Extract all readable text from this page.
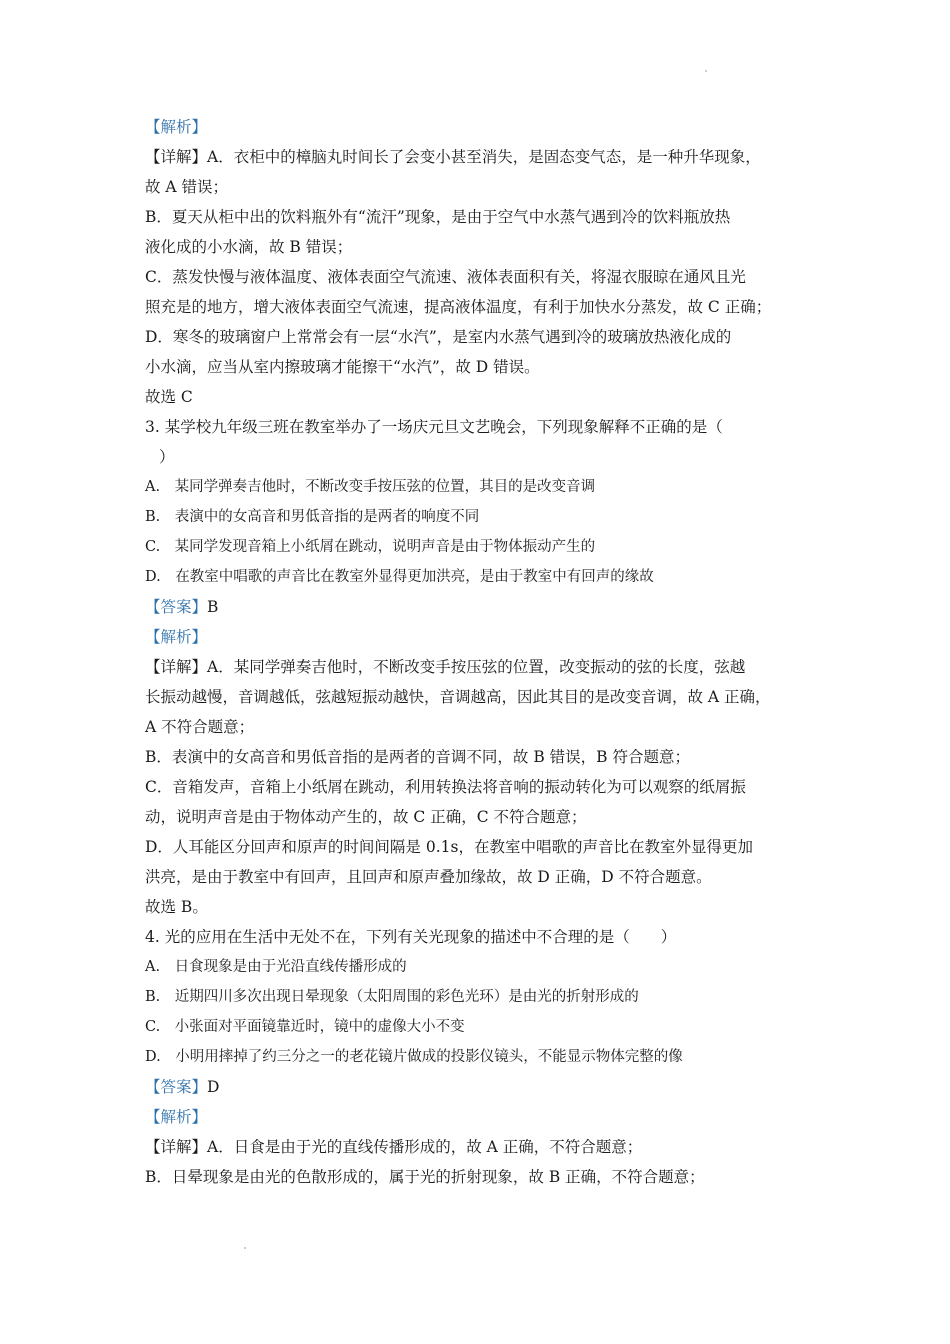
【解析】
【详解】A．衣柜中的樟脑丸时间长了会变小甚至消失，是固态变气态，是一种升华现象，
故 A 错误；
B．夏天从柜中出的饮料瓶外有“流汗”现象，是由于空气中水蒸气遇到冷的饮料瓶放热
液化成的小水滴，故 B 错误；
C．蒸发快慢与液体温度、液体表面空气流速、液体表面积有关，将湿衣服晾在通风且光
照充是的地方，增大液体表面空气流速，提高液体温度，有利于加快水分蒸发，故 C 正确；
D．寒冬的玻璃窗户上常常会有一层“水汽”，是室内水蒸气遇到冷的玻璃放热液化成的
小水滴，应当从室内擦玻璃才能擦干“水汽”，故 D 错误。
故选 C
3. 某学校九年级三班在教室举办了一场庆元旦文艺晚会，下列现象解释不正确的是（
）
A.　某同学弹奏吉他时，不断改变手按压弦的位置，其目的是改变音调
B.　表演中的女高音和男低音指的是两者的响度不同
C.　某同学发现音箱上小纸屑在跳动，说明声音是由于物体振动产生的
D.　在教室中唱歌的声音比在教室外显得更加洪亮，是由于教室中有回声的缘故
【答案】B
【解析】
【详解】A．某同学弹奏吉他时，不断改变手按压弦的位置，改变振动的弦的长度，弦越
长振动越慢，音调越低，弦越短振动越快，音调越高，因此其目的是改变音调，故 A 正确，
A 不符合题意；
B．表演中的女高音和男低音指的是两者的音调不同，故 B 错误，B 符合题意；
C．音箱发声，音箱上小纸屑在跳动，利用转换法将音响的振动转化为可以观察的纸屑振
动，说明声音是由于物体动产生的，故 C 正确，C 不符合题意；
D．人耳能区分回声和原声的时间间隔是 0.1s，在教室中唱歌的声音比在教室外显得更加
洪亮，是由于教室中有回声，且回声和原声叠加缘故，故 D 正确，D 不符合题意。
故选 B。
4. 光的应用在生活中无处不在，下列有关光现象的描述中不合理的是（　　）
A.　日食现象是由于光沿直线传播形成的
B.　近期四川多次出现日晕现象（太阳周围的彩色光环）是由光的折射形成的
C.　小张面对平面镜靠近时，镜中的虚像大小不变
D.　小明用摔掉了约三分之一的老花镜片做成的投影仪镜头，不能显示物体完整的像
【答案】D
【解析】
【详解】A．日食是由于光的直线传播形成的，故 A 正确，不符合题意；
B．日晕现象是由光的色散形成的，属于光的折射现象，故 B 正确，不符合题意；
